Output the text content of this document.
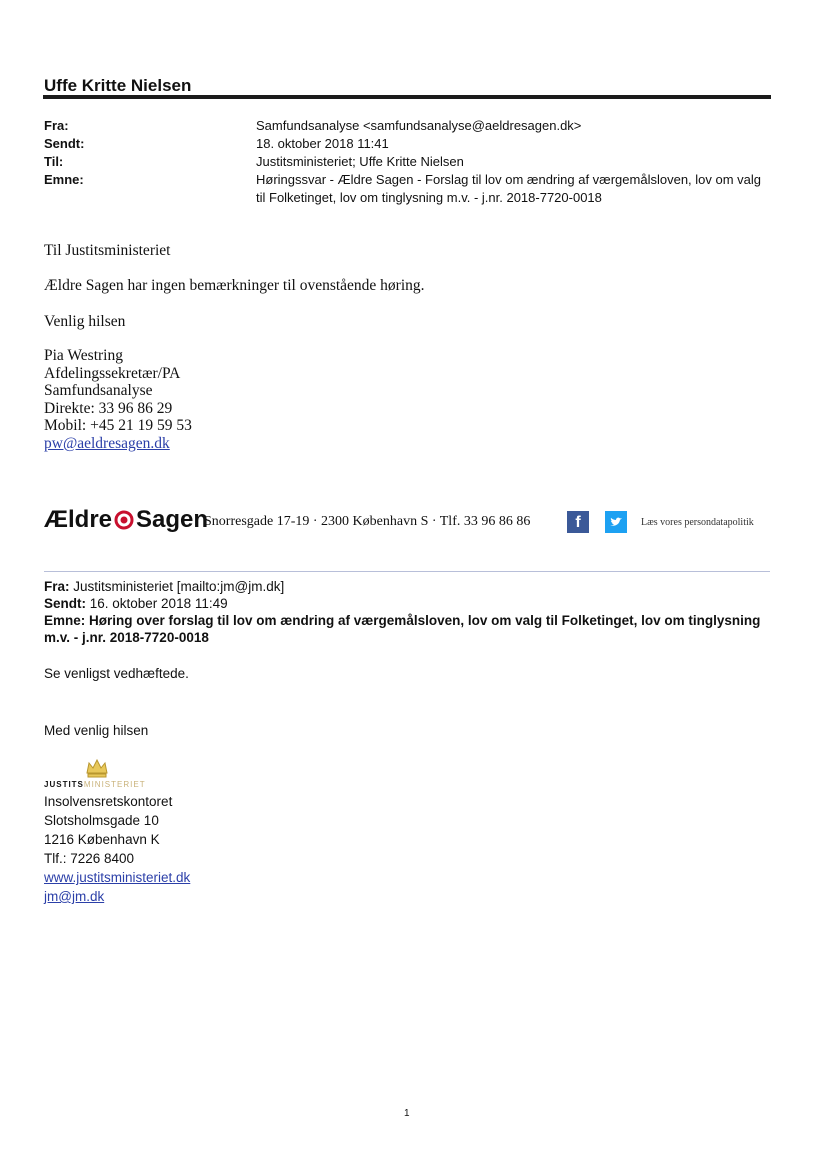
Uffe Kritte Nielsen
Fra:	Samfundsanalyse <samfundsanalyse@aeldresagen.dk>
Sendt:	18. oktober 2018 11:41
Til:	Justitsministeriet; Uffe Kritte Nielsen
Emne:	Høringssvar - Ældre Sagen - Forslag til lov om ændring af værgemålsloven, lov om valg til Folketinget, lov om tinglysning m.v. - j.nr. 2018-7720-0018
Til Justitsministeriet
Ældre Sagen har ingen bemærkninger til ovenstående høring.
Venlig hilsen
Pia Westring
Afdelingssekretær/PA
Samfundsanalyse
Direkte: 33 96 86 29
Mobil: +45 21 19 59 53
pw@aeldresagen.dk
Ældre Sagen
Snorresgade 17-19 · 2300 København S · Tlf. 33 96 86 86	f	Læs vores persondatapolitik
Fra: Justitsministeriet [mailto:jm@jm.dk]
Sendt: 16. oktober 2018 11:49
Emne: Høring over forslag til lov om ændring af værgemålsloven, lov om valg til Folketinget, lov om tinglysning m.v. - j.nr. 2018-7720-0018
Se venligst vedhæftede.
Med venlig hilsen
JUSTITSMINISTERIET
Insolvensretskontoret
Slotsholmsgade 10
1216 København K
Tlf.: 7226 8400
www.justitsministeriet.dk
jm@jm.dk
1
